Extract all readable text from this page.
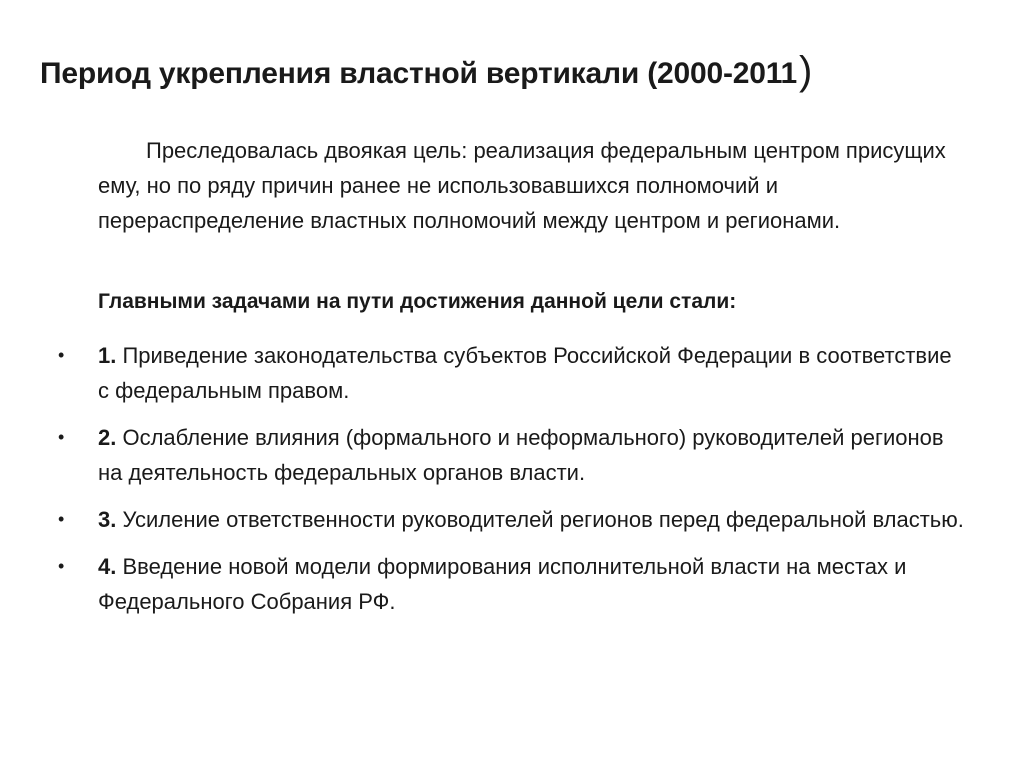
Период укрепления властной вертикали (2000-2011)
Преследовалась двоякая цель: реализация федеральным центром присущих ему, но по ряду причин ранее не использовавшихся полномочий и перераспределение властных полномочий между центром и регионами.
Главными задачами на пути достижения данной цели стали:
• 1. Приведение законодательства субъектов Российской Федерации в соответствие с федеральным правом.
• 2. Ослабление влияния (формального и неформального) руководителей регионов на деятельность федеральных органов власти.
• 3. Усиление ответственности руководителей регионов перед федеральной властью.
• 4. Введение новой модели формирования исполнительной власти на местах и Федерального Собрания РФ.
